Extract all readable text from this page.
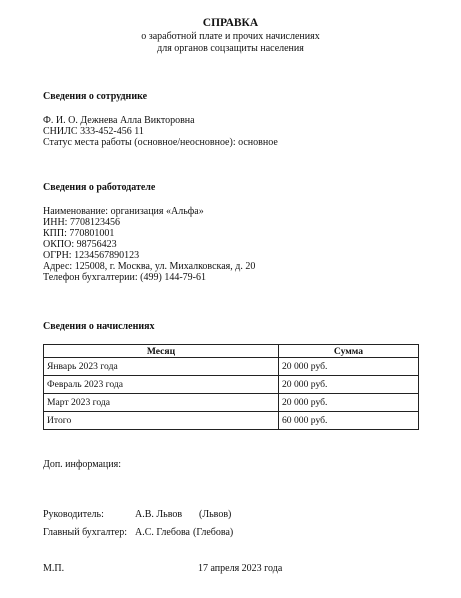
СПРАВКА
о заработной плате и прочих начислениях
для органов соцзащиты населения
Сведения о сотруднике
Ф. И. О. Дежнева Алла Викторовна
СНИЛС 333-452-456 11
Статус места работы (основное/неосновное): основное
Сведения о работодателе
Наименование: организация «Альфа»
ИНН: 7708123456
КПП: 770801001
ОКПО: 98756423
ОГРН: 1234567890123
Адрес: 125008, г. Москва, ул. Михалковская, д. 20
Телефон бухгалтерии: (499) 144-79-61
Сведения о начислениях
Месяц	Сумма
Январь 2023 года	20 000 руб.
Февраль 2023 года	20 000 руб.
Март 2023 года	20 000 руб.
Итого	60 000 руб.
Доп. информация:
Руководитель:	А.В. Львов (Львов)
Главный бухгалтер: А.С. Глебова (Глебова)
М.П.	17 апреля 2023 года
